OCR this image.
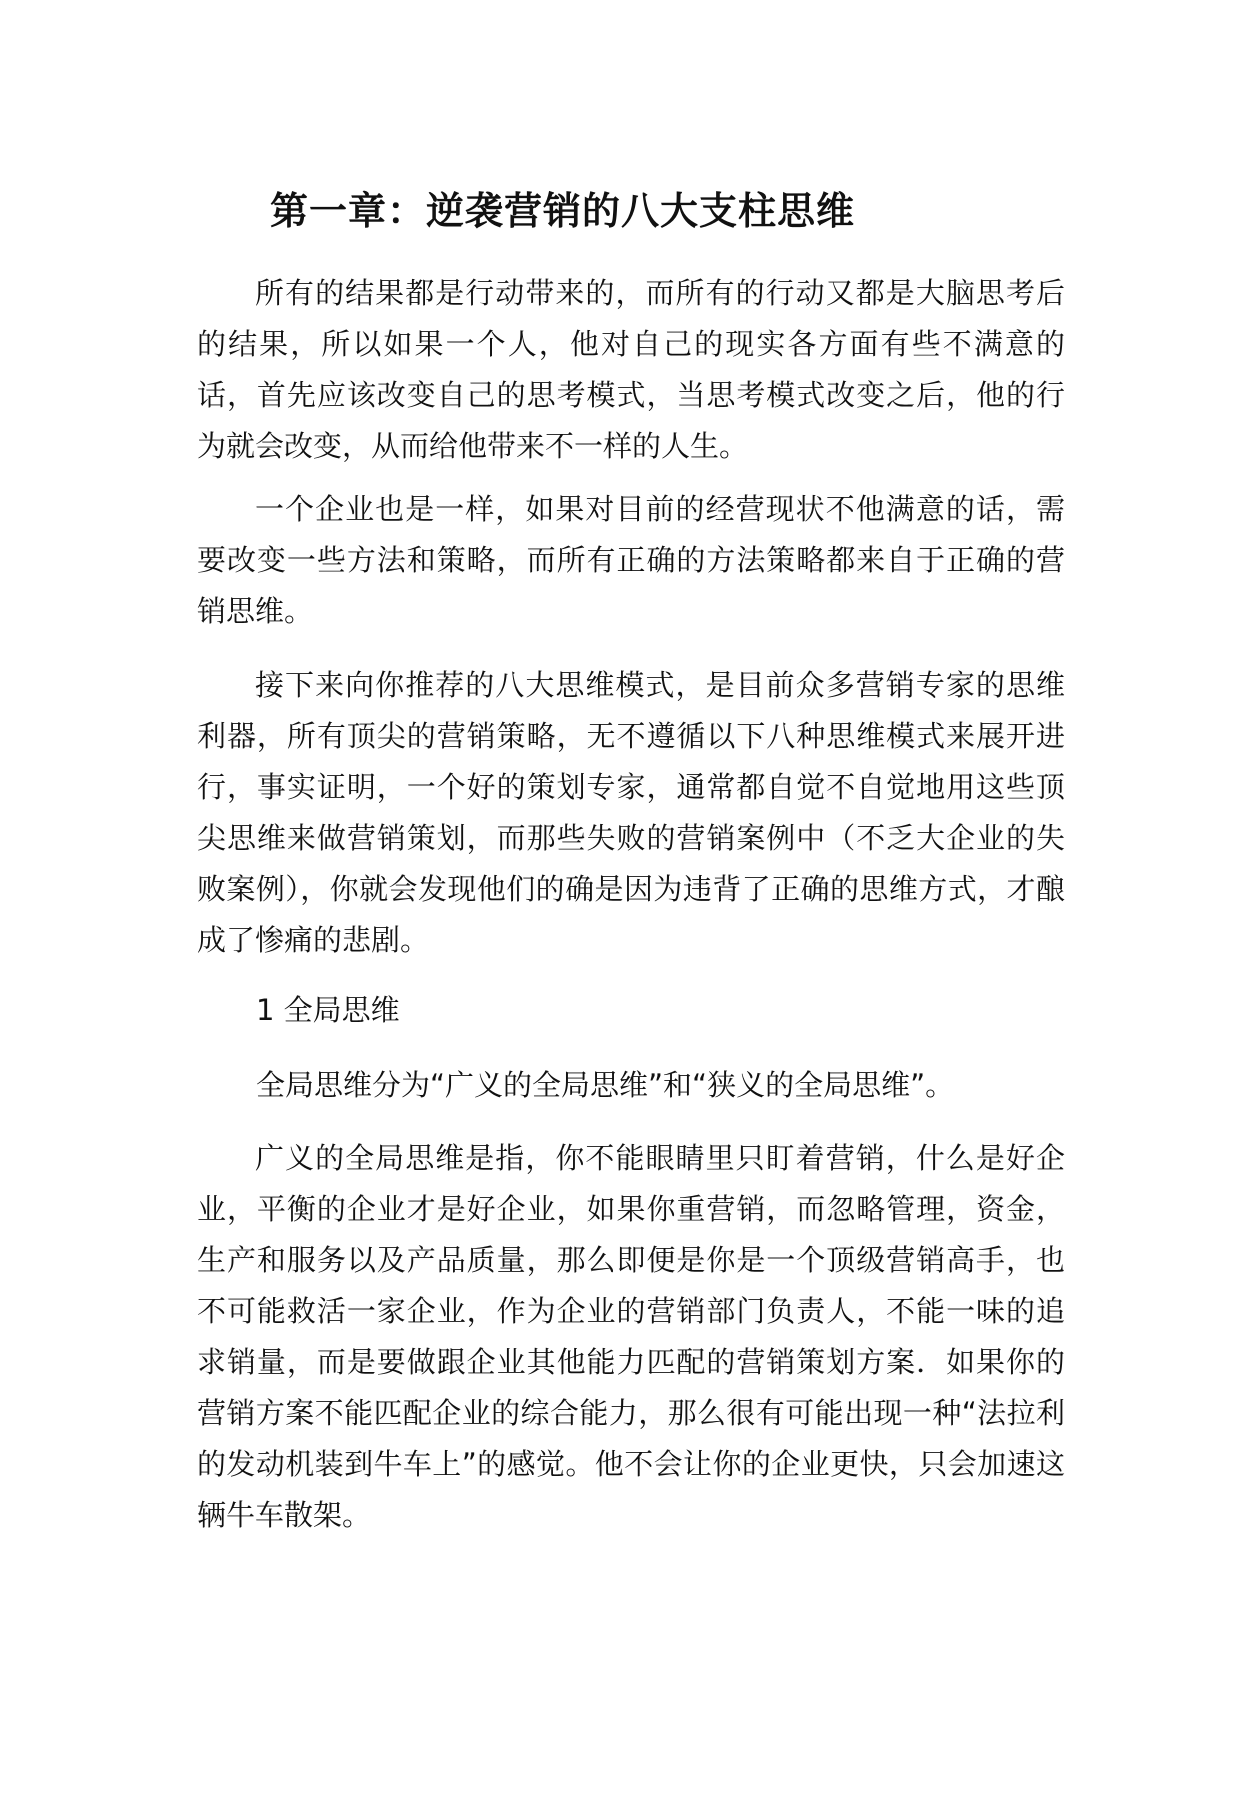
第一章：逆袭营销的八大支柱思维

所有的结果都是行动带来的，而所有的行动又都是大脑思考后的结果，所以如果一个人，他对自己的现实各方面有些不满意的话，首先应该改变自己的思考模式，当思考模式改变之后，他的行为就会改变，从而给他带来不一样的人生。

一个企业也是一样，如果对目前的经营现状不他满意的话，需要改变一些方法和策略，而所有正确的方法策略都来自于正确的营销思维。

接下来向你推荐的八大思维模式，是目前众多营销专家的思维利器，所有顶尖的营销策略，无不遵循以下八种思维模式来展开进行，事实证明，一个好的策划专家，通常都自觉不自觉地用这些顶尖思维来做营销策划，而那些失败的营销案例中（不乏大企业的失败案例），你就会发现他们的确是因为违背了正确的思维方式，才酿成了惨痛的悲剧。

1 全局思维

全局思维分为“广义的全局思维”和“狭义的全局思维”。

广义的全局思维是指，你不能眼睛里只盯着营销，什么是好企业，平衡的企业才是好企业，如果你重营销，而忽略管理，资金，生产和服务以及产品质量，那么即便是你是一个顶级营销高手，也不可能救活一家企业，作为企业的营销部门负责人，不能一味的追求销量，而是要做跟企业其他能力匹配的营销策划方案．如果你的营销方案不能匹配企业的综合能力，那么很有可能出现一种“法拉利的发动机装到牛车上”的感觉。他不会让你的企业更快，只会加速这辆牛车散架。
